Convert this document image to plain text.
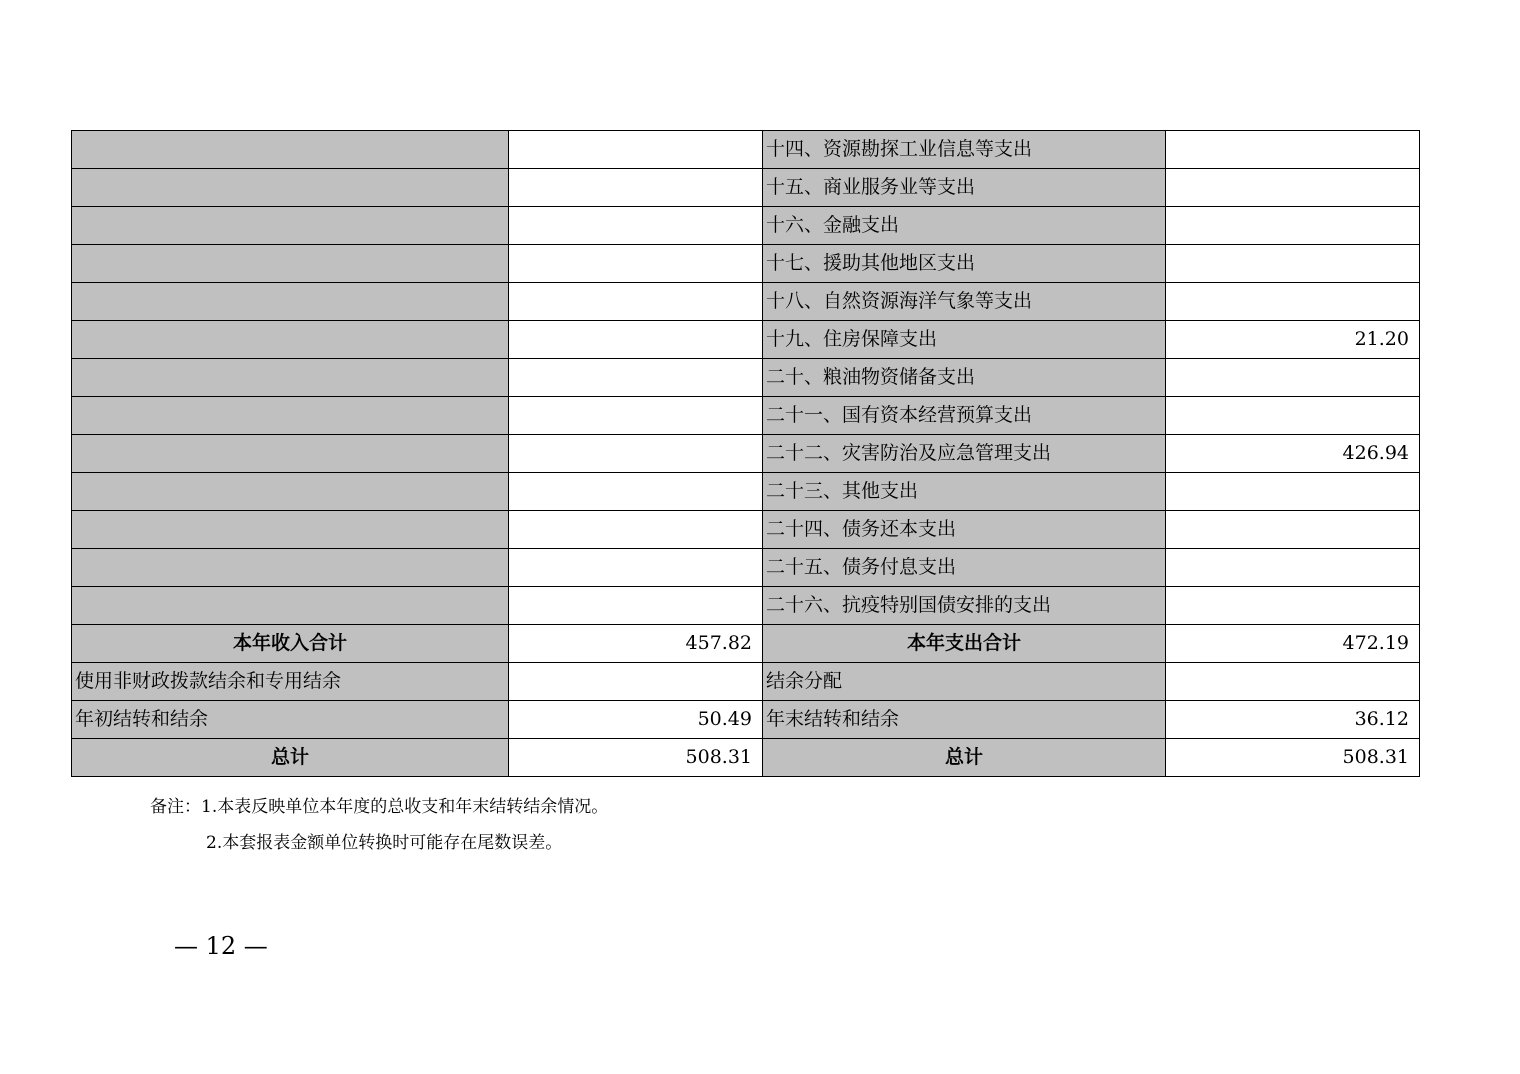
		十四、资源勘探工业信息等支出	
		十五、商业服务业等支出	
		十六、金融支出	
		十七、援助其他地区支出	
		十八、自然资源海洋气象等支出	
		十九、住房保障支出	21.20
		二十、粮油物资储备支出	
		二十一、国有资本经营预算支出	
		二十二、灾害防治及应急管理支出	426.94
		二十三、其他支出	
		二十四、债务还本支出	
		二十五、债务付息支出	
		二十六、抗疫特别国债安排的支出	
本年收入合计	457.82	本年支出合计	472.19
使用非财政拨款结余和专用结余		结余分配	
年初结转和结余	50.49	年末结转和结余	36.12
总计	508.31	总计	508.31
备注：1.本表反映单位本年度的总收支和年末结转结余情况。
2.本套报表金额单位转换时可能存在尾数误差。
— 12 —
